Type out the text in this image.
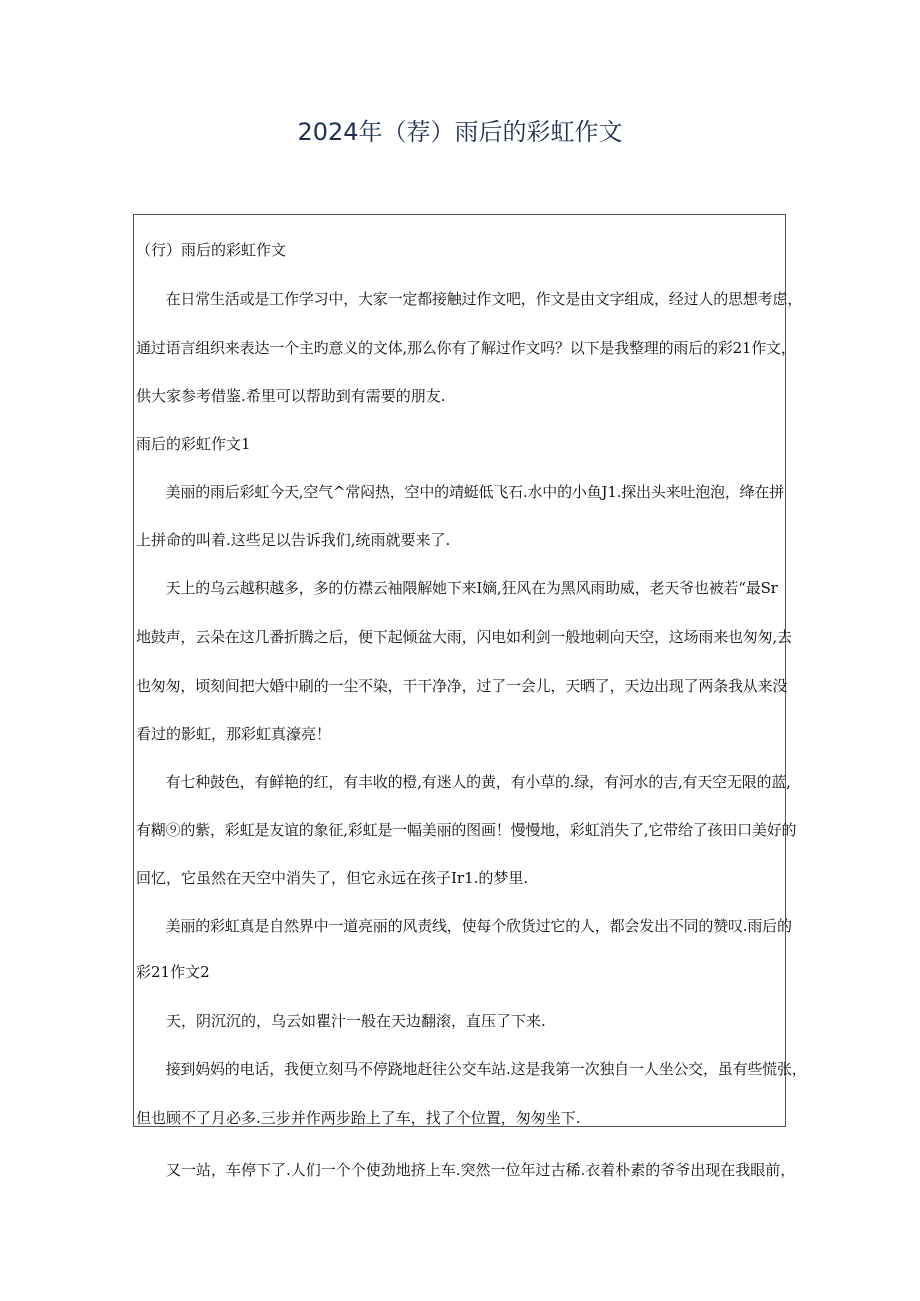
2024年（荐）雨后的彩虹作文

（行）雨后的彩虹作文

　　在日常生活或是工作学习中，大家一定都接触过作文吧，作文是由文字组成，经过人的思想考虑，

通过语言组织来表达一个主旳意义的文体,那么你有了解过作文吗？以下是我整理的雨后的彩21作文，

供大家参考借鉴.希里可以帮助到有需要的朋友.

雨后的彩虹作文1

　　美丽的雨后彩虹今天,空气^常闷热，空中的靖蜓低飞石.水中的小鱼J1.探出头来吐泡泡，绛在拼

上拼命的叫着.这些足以告诉我们,统雨就要来了.

　　天上的乌云越积越多，多的仿襟云袖隈解她下来I嫡,狂风在为黑风雨助威，老天爷也被若“最Sr

地鼓声，云朵在这几番折腾之后，便下起倾盆大雨，闪电如利剑一般地刺向天空，这场雨来也匆匆,去

也匆匆，顷刻间把大婚中刷的一尘不染，干干净净，过了一会儿，天晒了，天边出现了两条我从来没

看过的影虹，那彩虹真濠亮！

　　有七种鼓色，有鲜艳的红，有丰收的橙,有迷人的黄，有小草的.绿，有河水的吉,有天空无限的蓝,

有糊⑨的紫，彩虹是友谊的象征,彩虹是一幅美丽的图画！慢慢地，彩虹消失了,它带给了孩田口美好的

回忆，它虽然在天空中消失了，但它永远在孩子Ir1.的梦里.

　　美丽的彩虹真是自然界中一道亮丽的风责线，使每个欣货过它的人，都会发出不同的赞叹.雨后的

彩21作文2

　　天，阴沉沉的，乌云如瞿汁一般在天边翻滚，直压了下来.

　　接到妈妈的电话，我便立刻马不停跷地赶往公交车站.这是我第一次独自一人坐公交，虽有些慌张，

但也顾不了月必多.三步并作两步跆上了车，找了个位置，匆匆坐下.

又一站，车停下了.人们一个个使劲地挤上车.突然一位年过古稀.衣着朴素的爷爷出现在我眼前，
